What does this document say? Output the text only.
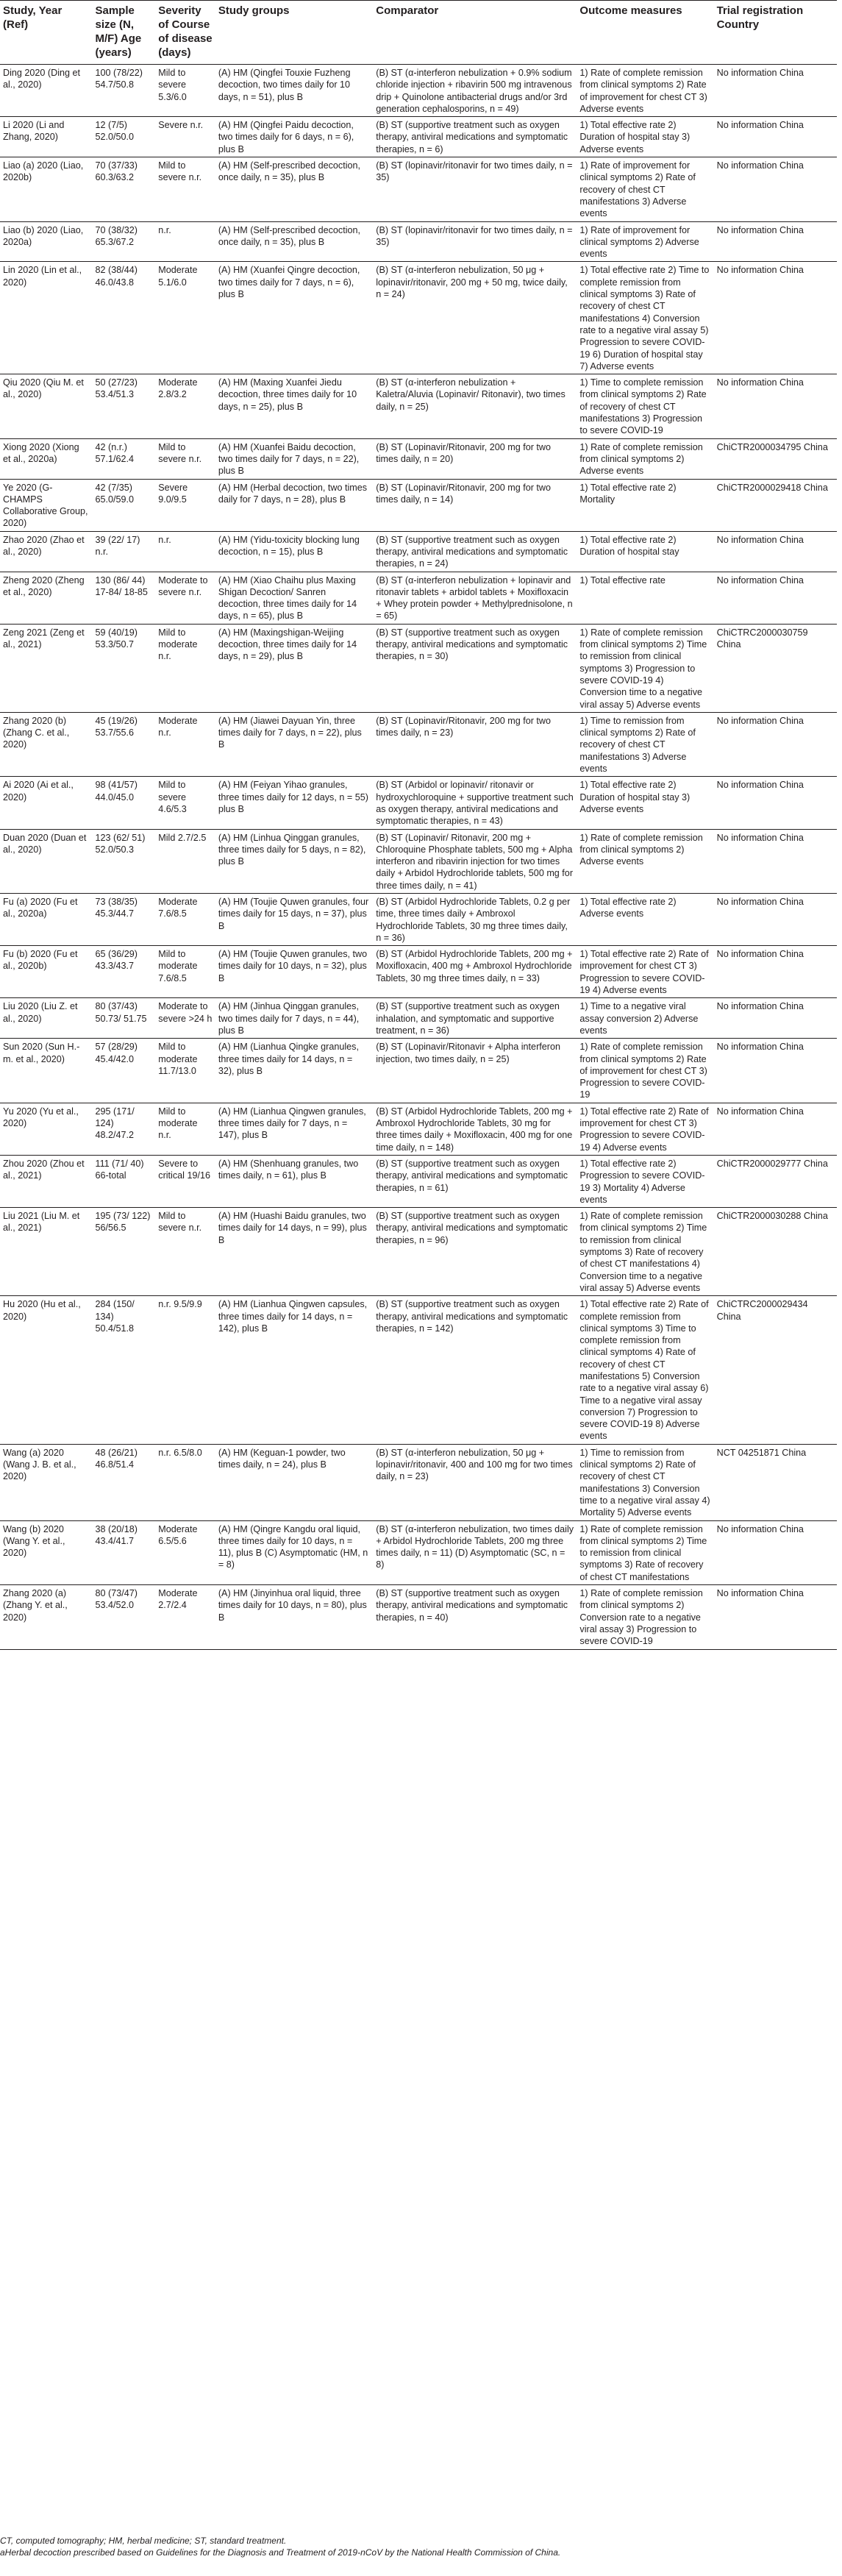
Study, Year (Ref)	Sample size (N, M/F) Age (years)	Severity of Course of disease (days)	Study groups	Comparator	Outcome measures	Trial registration Country
Ding 2020 (Ding et al., 2020)	100 (78/22) 54.7/50.8	Mild to severe 5.3/6.0	(A) HM (Qingfei Touxie Fuzheng decoction, two times daily for 10 days, n = 51), plus B	(B) ST (α-interferon nebulization + 0.9% sodium chloride injection + ribavirin 500 mg intravenous drip + Quinolone antibacterial drugs and/or 3rd generation cephalosporins, n = 49)	1) Rate of complete remission from clinical symptoms 2) Rate of improvement for chest CT 3) Adverse events	No information China
Li 2020 (Li and Zhang, 2020)	12 (7/5) 52.0/50.0	Severe n.r.	(A) HM (Qingfei Paidu decoction, two times daily for 6 days, n = 6), plus B	(B) ST (supportive treatment such as oxygen therapy, antiviral medications and symptomatic therapies, n = 6)	1) Total effective rate 2) Duration of hospital stay 3) Adverse events	No information China
Liao (a) 2020 (Liao, 2020b)	70 (37/33) 60.3/63.2	Mild to severe n.r.	(A) HM (Self-prescribed decoction, once daily, n = 35), plus B	(B) ST (lopinavir/ritonavir for two times daily, n = 35)	1) Rate of improvement for clinical symptoms 2) Rate of recovery of chest CT manifestations 3) Adverse events	No information China
Liao (b) 2020 (Liao, 2020a)	70 (38/32) 65.3/67.2	n.r.	(A) HM (Self-prescribed decoction, once daily, n = 35), plus B	(B) ST (lopinavir/ritonavir for two times daily, n = 35)	1) Rate of improvement for clinical symptoms 2) Adverse events	No information China
Lin 2020 (Lin et al., 2020)	82 (38/44) 46.0/43.8	Moderate 5.1/6.0	(A) HM (Xuanfei Qingre decoction, two times daily for 7 days, n = 6), plus B	(B) ST (α-interferon nebulization, 50 μg + lopinavir/ritonavir, 200 mg + 50 mg, twice daily, n = 24)	1) Total effective rate 2) Time to complete remission from clinical symptoms 3) Rate of recovery of chest CT manifestations 4) Conversion rate to a negative viral assay 5) Progression to severe COVID-19 6) Duration of hospital stay 7) Adverse events	No information China
Qiu 2020 (Qiu M. et al., 2020)	50 (27/23) 53.4/51.3	Moderate 2.8/3.2	(A) HM (Maxing Xuanfei Jiedu decoction, three times daily for 10 days, n = 25), plus B	(B) ST (α-interferon nebulization + Kaletra/Aluvia (Lopinavir/ Ritonavir), two times daily, n = 25)	1) Time to complete remission from clinical symptoms 2) Rate of recovery of chest CT manifestations 3) Progression to severe COVID-19	No information China
Xiong 2020 (Xiong et al., 2020a)	42 (n.r.) 57.1/62.4	Mild to severe n.r.	(A) HM (Xuanfei Baidu decoction, two times daily for 7 days, n = 22), plus B	(B) ST (Lopinavir/Ritonavir, 200 mg for two times daily, n = 20)	1) Rate of complete remission from clinical symptoms 2) Adverse events	ChiCTR2000034795 China
Ye 2020 (G-CHAMPS Collaborative Group, 2020)	42 (7/35) 65.0/59.0	Severe 9.0/9.5	(A) HM (Herbal decoction, two times daily for 7 days, n = 28), plus B	(B) ST (Lopinavir/Ritonavir, 200 mg for two times daily, n = 14)	1) Total effective rate 2) Mortality	ChiCTR2000029418 China
Zhao 2020 (Zhao et al., 2020)	39 (22/ 17) n.r.	n.r.	(A) HM (Yidu-toxicity blocking lung decoction, n = 15), plus B	(B) ST (supportive treatment such as oxygen therapy, antiviral medications and symptomatic therapies, n = 24)	1) Total effective rate 2) Duration of hospital stay	No information China
Zheng 2020 (Zheng et al., 2020)	130 (86/ 44) 17-84/ 18-85	Moderate to severe n.r.	(A) HM (Xiao Chaihu plus Maxing Shigan Decoction/ Sanren decoction, three times daily for 14 days, n = 65), plus B	(B) ST (α-interferon nebulization + lopinavir and ritonavir tablets + arbidol tablets + Moxifloxacin + Whey protein powder + Methylprednisolone, n = 65)	1) Total effective rate	No information China
Zeng 2021 (Zeng et al., 2021)	59 (40/19) 53.3/50.7	Mild to moderate n.r.	(A) HM (Maxingshigan-Weijing decoction, three times daily for 14 days, n = 29), plus B	(B) ST (supportive treatment such as oxygen therapy, antiviral medications and symptomatic therapies, n = 30)	1) Rate of complete remission from clinical symptoms 2) Time to remission from clinical symptoms 3) Progression to severe COVID-19 4) Conversion time to a negative viral assay 5) Adverse events	ChiCTRC2000030759 China
Zhang 2020 (b) (Zhang C. et al., 2020)	45 (19/26) 53.7/55.6	Moderate n.r.	(A) HM (Jiawei Dayuan Yin, three times daily for 7 days, n = 22), plus B	(B) ST (Lopinavir/Ritonavir, 200 mg for two times daily, n = 23)	1) Time to remission from clinical symptoms 2) Rate of recovery of chest CT manifestations 3) Adverse events	No information China
Ai 2020 (Ai et al., 2020)	98 (41/57) 44.0/45.0	Mild to severe 4.6/5.3	(A) HM (Feiyan Yihao granules, three times daily for 12 days, n = 55) plus B	(B) ST (Arbidol or lopinavir/ ritonavir or hydroxychloroquine + supportive treatment such as oxygen therapy, antiviral medications and symptomatic therapies, n = 43)	1) Total effective rate 2) Duration of hospital stay 3) Adverse events	No information China
Duan 2020 (Duan et al., 2020)	123 (62/ 51) 52.0/50.3	Mild 2.7/2.5	(A) HM (Linhua Qinggan granules, three times daily for 5 days, n = 82), plus B	(B) ST (Lopinavir/ Ritonavir, 200 mg + Chloroquine Phosphate tablets, 500 mg + Alpha interferon and ribavirin injection for two times daily + Arbidol Hydrochloride tablets, 500 mg for three times daily, n = 41)	1) Rate of complete remission from clinical symptoms 2) Adverse events	No information China
Fu (a) 2020 (Fu et al., 2020a)	73 (38/35) 45.3/44.7	Moderate 7.6/8.5	(A) HM (Toujie Quwen granules, four times daily for 15 days, n = 37), plus B	(B) ST (Arbidol Hydrochloride Tablets, 0.2 g per time, three times daily + Ambroxol Hydrochloride Tablets, 30 mg three times daily, n = 36)	1) Total effective rate 2) Adverse events	No information China
Fu (b) 2020 (Fu et al., 2020b)	65 (36/29) 43.3/43.7	Mild to moderate 7.6/8.5	(A) HM (Toujie Quwen granules, two times daily for 10 days, n = 32), plus B	(B) ST (Arbidol Hydrochloride Tablets, 200 mg + Moxifloxacin, 400 mg + Ambroxol Hydrochloride Tablets, 30 mg three times daily, n = 33)	1) Total effective rate 2) Rate of improvement for chest CT 3) Progression to severe COVID-19 4) Adverse events	No information China
Liu 2020 (Liu Z. et al., 2020)	80 (37/43) 50.73/ 51.75	Moderate to severe >24 h	(A) HM (Jinhua Qinggan granules, two times daily for 7 days, n = 44), plus B	(B) ST (supportive treatment such as oxygen inhalation, and symptomatic and supportive treatment, n = 36)	1) Time to a negative viral assay conversion 2) Adverse events	No information China
Sun 2020 (Sun H.-m. et al., 2020)	57 (28/29) 45.4/42.0	Mild to moderate 11.7/13.0	(A) HM (Lianhua Qingke granules, three times daily for 14 days, n = 32), plus B	(B) ST (Lopinavir/Ritonavir + Alpha interferon injection, two times daily, n = 25)	1) Rate of complete remission from clinical symptoms 2) Rate of improvement for chest CT 3) Progression to severe COVID-19	No information China
Yu 2020 (Yu et al., 2020)	295 (171/ 124) 48.2/47.2	Mild to moderate n.r.	(A) HM (Lianhua Qingwen granules, three times daily for 7 days, n = 147), plus B	(B) ST (Arbidol Hydrochloride Tablets, 200 mg + Ambroxol Hydrochloride Tablets, 30 mg for three times daily + Moxifloxacin, 400 mg for one time daily, n = 148)	1) Total effective rate 2) Rate of improvement for chest CT 3) Progression to severe COVID-19 4) Adverse events	No information China
Zhou 2020 (Zhou et al., 2021)	111 (71/ 40) 66-total	Severe to critical 19/16	(A) HM (Shenhuang granules, two times daily, n = 61), plus B	(B) ST (supportive treatment such as oxygen therapy, antiviral medications and symptomatic therapies, n = 61)	1) Total effective rate 2) Progression to severe COVID-19 3) Mortality 4) Adverse events	ChiCTR2000029777 China
Liu 2021 (Liu M. et al., 2021)	195 (73/ 122) 56/56.5	Mild to severe n.r.	(A) HM (Huashi Baidu granules, two times daily for 14 days, n = 99), plus B	(B) ST (supportive treatment such as oxygen therapy, antiviral medications and symptomatic therapies, n = 96)	1) Rate of complete remission from clinical symptoms 2) Time to remission from clinical symptoms 3) Rate of recovery of chest CT manifestations 4) Conversion time to a negative viral assay 5) Adverse events	ChiCTR2000030288 China
Hu 2020 (Hu et al., 2020)	284 (150/ 134) 50.4/51.8	n.r. 9.5/9.9	(A) HM (Lianhua Qingwen capsules, three times daily for 14 days, n = 142), plus B	(B) ST (supportive treatment such as oxygen therapy, antiviral medications and symptomatic therapies, n = 142)	1) Total effective rate 2) Rate of complete remission from clinical symptoms 3) Time to complete remission from clinical symptoms 4) Rate of recovery of chest CT manifestations 5) Conversion rate to a negative viral assay 6) Time to a negative viral assay conversion 7) Progression to severe COVID-19 8) Adverse events	ChiCTRC2000029434 China
Wang (a) 2020 (Wang J. B. et al., 2020)	48 (26/21) 46.8/51.4	n.r. 6.5/8.0	(A) HM (Keguan-1 powder, two times daily, n = 24), plus B	(B) ST (α-interferon nebulization, 50 μg + lopinavir/ritonavir, 400 and 100 mg for two times daily, n = 23)	1) Time to remission from clinical symptoms 2) Rate of recovery of chest CT manifestations 3) Conversion time to a negative viral assay 4) Mortality 5) Adverse events	NCT 04251871 China
Wang (b) 2020 (Wang Y. et al., 2020)	38 (20/18) 43.4/41.7	Moderate 6.5/5.6	(A) HM (Qingre Kangdu oral liquid, three times daily for 10 days, n = 11), plus B (C) Asymptomatic (HM, n = 8)	(B) ST (α-interferon nebulization, two times daily + Arbidol Hydrochloride Tablets, 200 mg three times daily, n = 11) (D) Asymptomatic (SC, n = 8)	1) Rate of complete remission from clinical symptoms 2) Time to remission from clinical symptoms 3) Rate of recovery of chest CT manifestations	No information China
Zhang 2020 (a) (Zhang Y. et al., 2020)	80 (73/47) 53.4/52.0	Moderate 2.7/2.4	(A) HM (Jinyinhua oral liquid, three times daily for 10 days, n = 80), plus B	(B) ST (supportive treatment such as oxygen therapy, antiviral medications and symptomatic therapies, n = 40)	1) Rate of complete remission from clinical symptoms 2) Conversion rate to a negative viral assay 3) Progression to severe COVID-19	No information China
CT, computed tomography; HM, herbal medicine; ST, standard treatment.
aHerbal decoction prescribed based on Guidelines for the Diagnosis and Treatment of 2019-nCoV by the National Health Commission of China.
